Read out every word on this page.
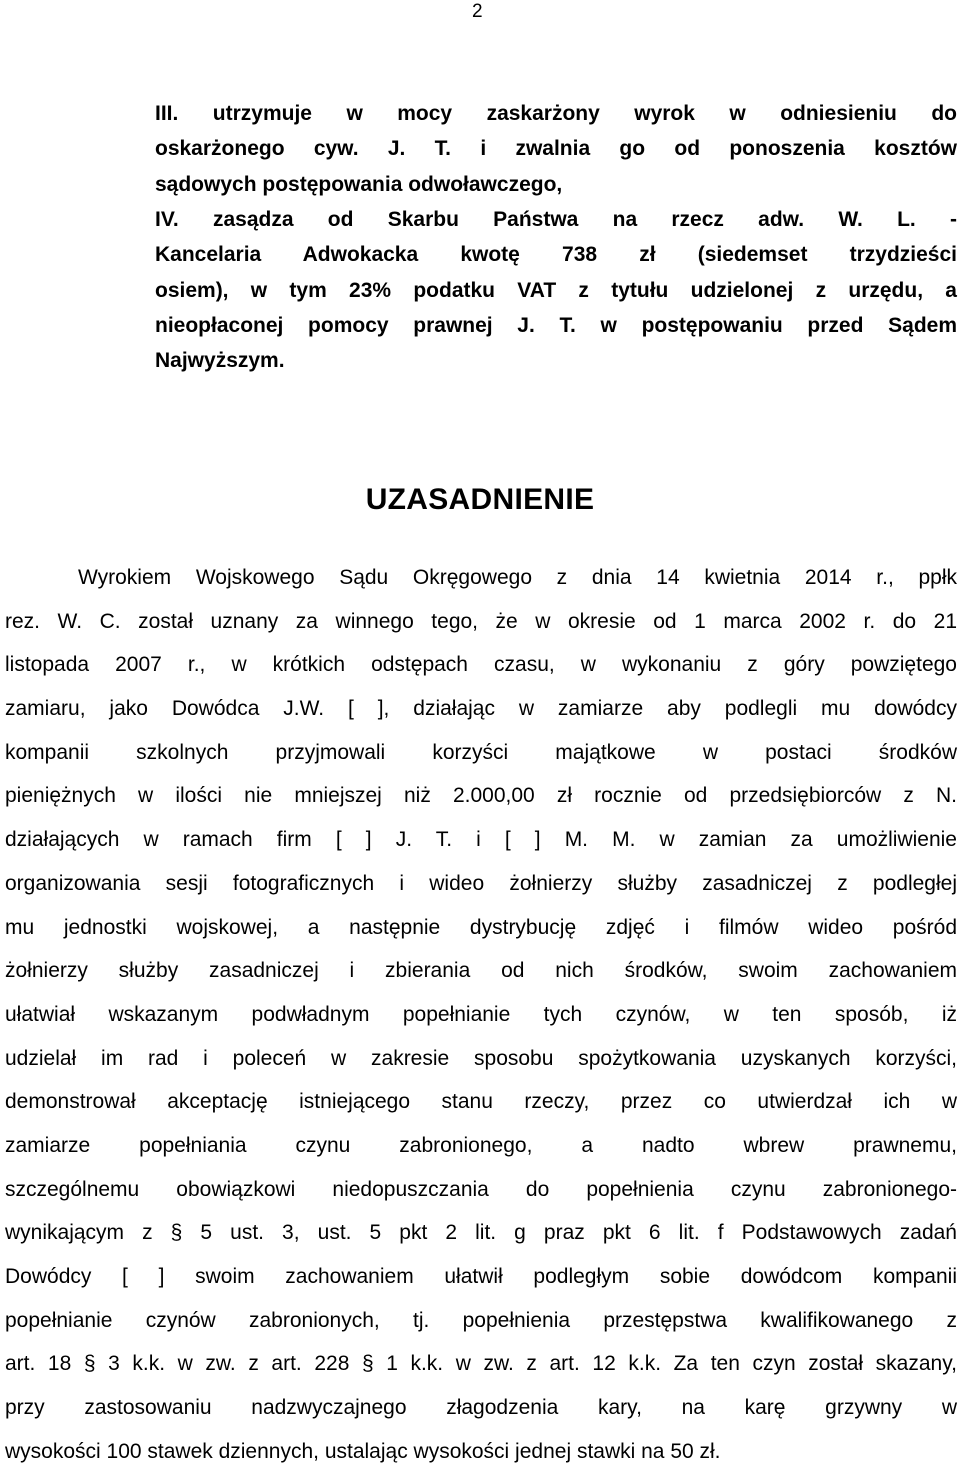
2
III. utrzymuje w mocy zaskarżony wyrok w odniesieniu do
oskarżonego cyw. J. T. i zwalnia go od ponoszenia kosztów
sądowych postępowania odwoławczego,
IV. zasądza od Skarbu Państwa na rzecz adw. W. L. -
Kancelaria Adwokacka kwotę 738 zł (siedemset trzydzieści
osiem), w tym 23% podatku VAT z tytułu udzielonej z urzędu, a
nieopłaconej pomocy prawnej J. T. w postępowaniu przed Sądem
Najwyższym.
UZASADNIENIE
Wyrokiem Wojskowego Sądu Okręgowego z dnia 14 kwietnia 2014 r., ppłk
rez. W. C. został uznany za winnego tego, że w okresie od 1 marca 2002 r. do 21
listopada 2007 r., w krótkich odstępach czasu, w wykonaniu z góry powziętego
zamiaru, jako Dowódca J.W. [ ], działając w zamiarze aby podlegli mu dowódcy
kompanii szkolnych przyjmowali korzyści majątkowe w postaci środków
pieniężnych w ilości nie mniejszej niż 2.000,00 zł rocznie od przedsiębiorców z N.
działających w ramach firm [ ] J. T. i [ ] M. M. w zamian za umożliwienie
organizowania sesji fotograficznych i wideo żołnierzy służby zasadniczej z podległej
mu jednostki wojskowej, a następnie dystrybucję zdjęć i filmów wideo pośród
żołnierzy służby zasadniczej i zbierania od nich środków, swoim zachowaniem
ułatwiał wskazanym podwładnym popełnianie tych czynów, w ten sposób, iż
udzielał im rad i poleceń w zakresie sposobu spożytkowania uzyskanych korzyści,
demonstrował akceptację istniejącego stanu rzeczy, przez co utwierdzał ich w
zamiarze popełniania czynu zabronionego, a nadto wbrew prawnemu,
szczególnemu obowiązkowi niedopuszczania do popełnienia czynu zabronionego-
wynikającym z § 5 ust. 3, ust. 5 pkt 2 lit. g praz pkt 6 lit. f Podstawowych zadań
Dowódcy [ ] swoim zachowaniem ułatwił podległym sobie dowódcom kompanii
popełnianie czynów zabronionych, tj. popełnienia przestępstwa kwalifikowanego z
art. 18 § 3 k.k. w zw. z art. 228 § 1 k.k. w zw. z art. 12 k.k. Za ten czyn został skazany,
przy zastosowaniu nadzwyczajnego złagodzenia kary, na karę grzywny w
wysokości 100 stawek dziennych, ustalając wysokości jednej stawki na 50 zł.
